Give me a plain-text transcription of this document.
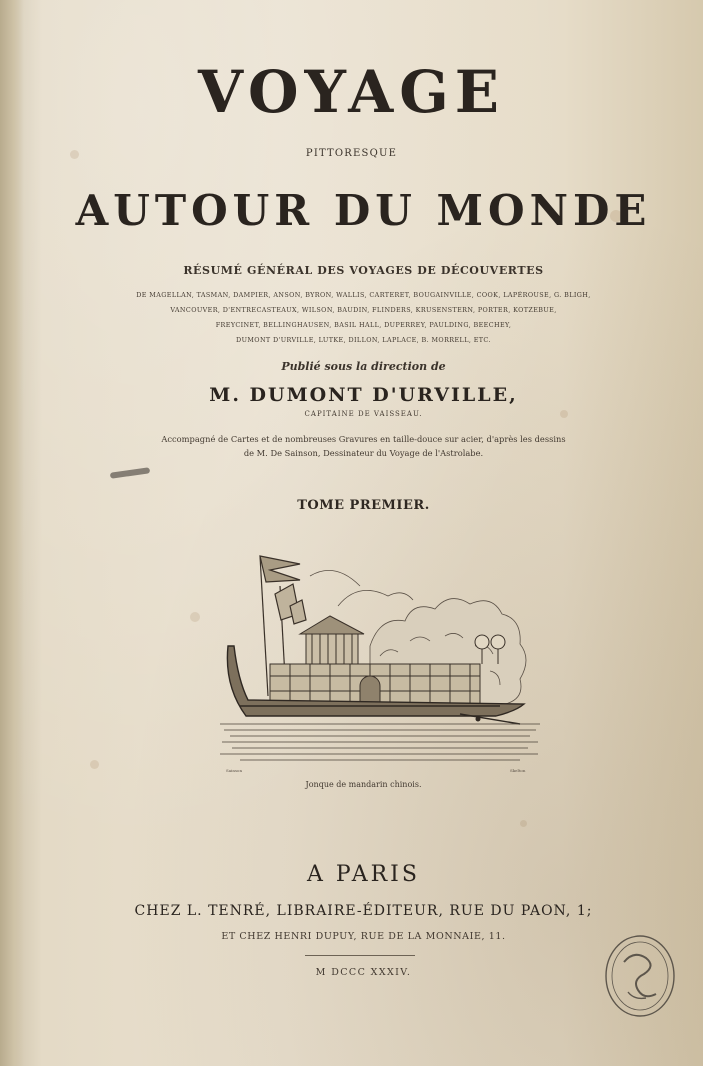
VOYAGE
PITTORESQUE
AUTOUR DU MONDE
RÉSUMÉ GÉNÉRAL DES VOYAGES DE DÉCOUVERTES
DE MAGELLAN, TASMAN, DAMPIER, ANSON, BYRON, WALLIS, CARTERET, BOUGAINVILLE, COOK, LAPÉROUSE, G. BLIGH,
VANCOUVER, D'ENTRECASTEAUX, WILSON, BAUDIN, FLINDERS, KRUSENSTERN, PORTER, KOTZEBUE,
FREYCINET, BELLINGHAUSEN, BASIL HALL, DUPERREY, PAULDING, BEECHEY,
DUMONT D'URVILLE, LUTKE, DILLON, LAPLACE, B. MORRELL, ETC.
Publié sous la direction de
M. DUMONT D'URVILLE,
CAPITAINE DE VAISSEAU.
Accompagné de Cartes et de nombreuses Gravures en taille-douce sur acier, d'après les dessins
de M. De Sainson, Dessinateur du Voyage de l'Astrolabe.
TOME PREMIER.
Sainson	Skelton
Jonque de mandarin chinois.
A PARIS
CHEZ L. TENRÉ, LIBRAIRE-ÉDITEUR, RUE DU PAON, 1;
ET CHEZ HENRI DUPUY, RUE DE LA MONNAIE, 11.
M DCCC XXXIV.
